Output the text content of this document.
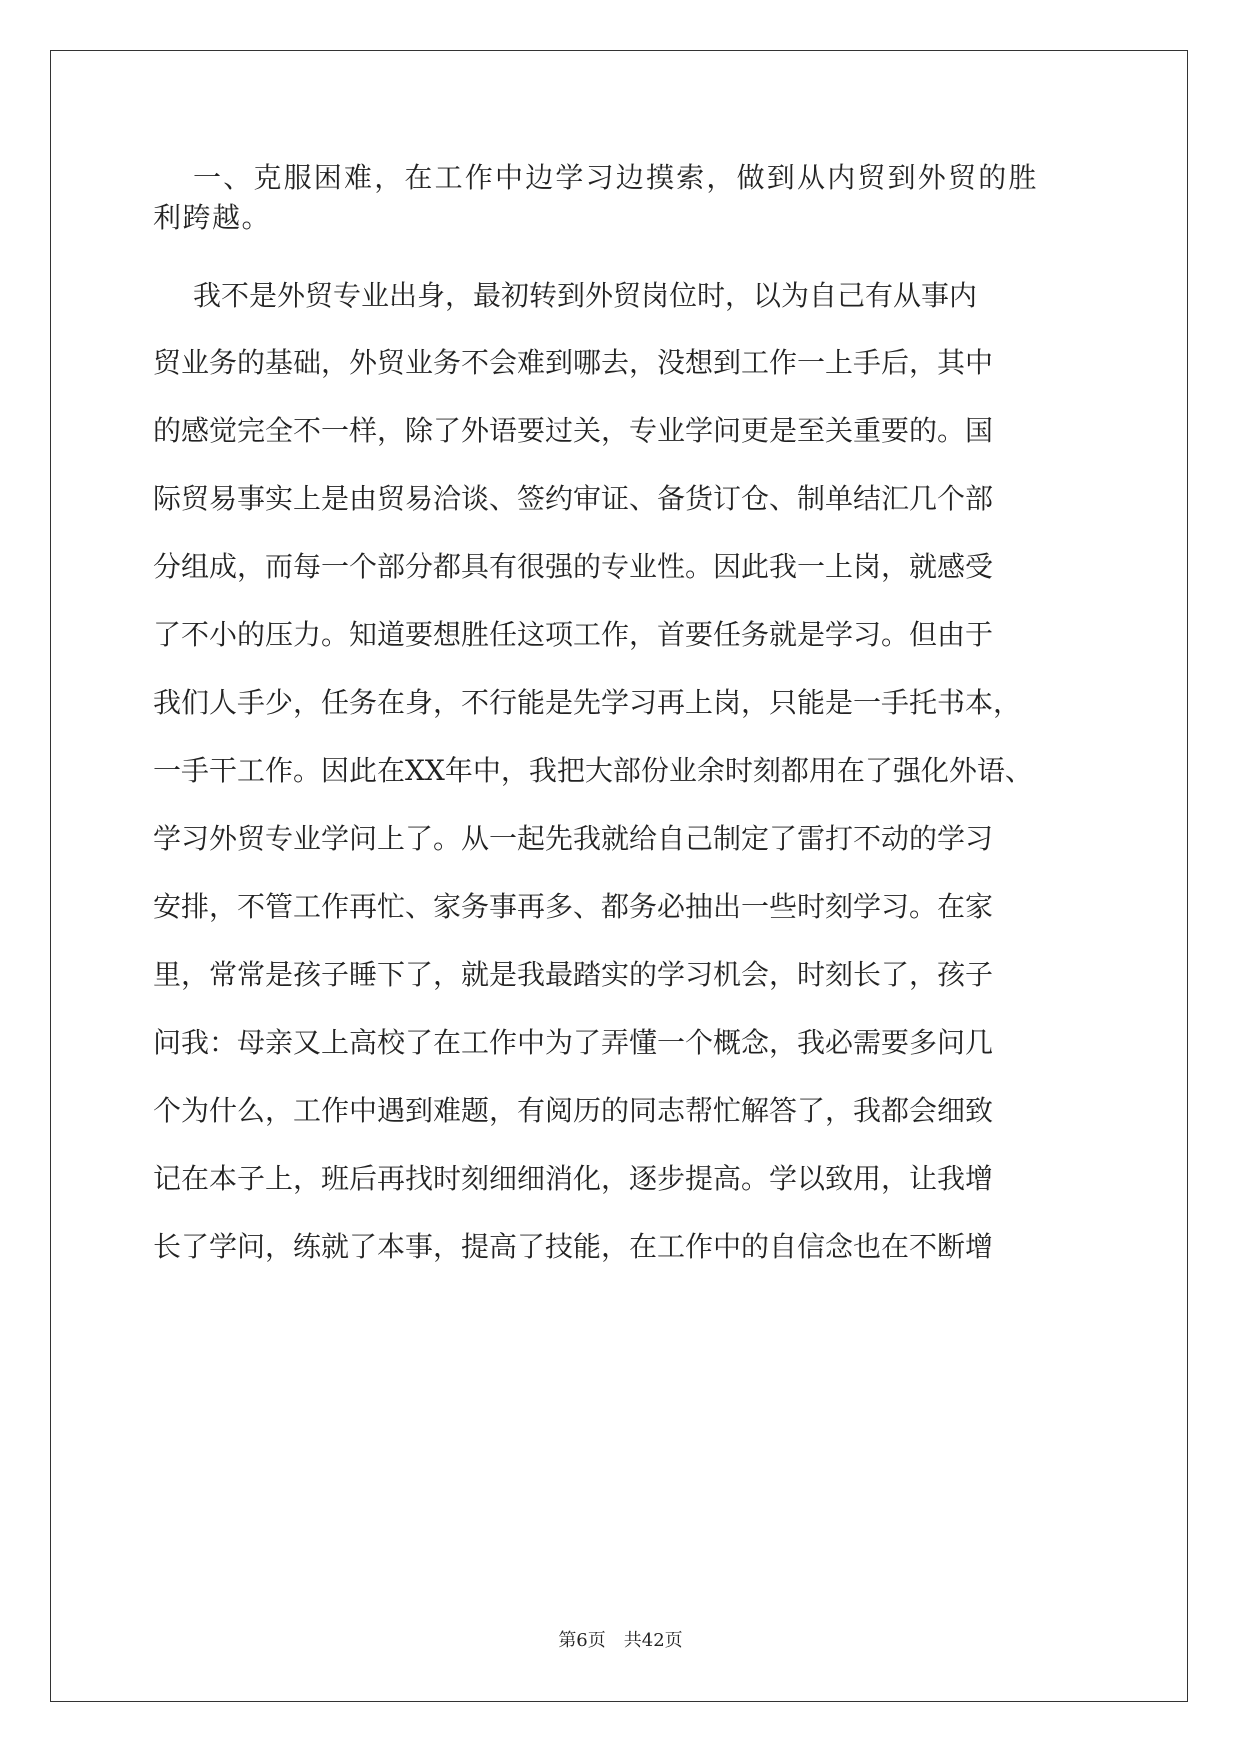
一、克服困难，在工作中边学习边摸索，做到从内贸到外贸的胜
利跨越。
我不是外贸专业出身，最初转到外贸岗位时，以为自己有从事内
贸业务的基础，外贸业务不会难到哪去，没想到工作一上手后，其中
的感觉完全不一样，除了外语要过关，专业学问更是至关重要的。国
际贸易事实上是由贸易洽谈、签约审证、备货订仓、制单结汇几个部
分组成，而每一个部分都具有很强的专业性。因此我一上岗，就感受
了不小的压力。知道要想胜任这项工作，首要任务就是学习。但由于
我们人手少，任务在身，不行能是先学习再上岗，只能是一手托书本，
一手干工作。因此在XX年中，我把大部份业余时刻都用在了强化外语、
学习外贸专业学问上了。从一起先我就给自己制定了雷打不动的学习
安排，不管工作再忙、家务事再多、都务必抽出一些时刻学习。在家
里，常常是孩子睡下了，就是我最踏实的学习机会，时刻长了，孩子
问我：母亲又上高校了在工作中为了弄懂一个概念，我必需要多问几
个为什么，工作中遇到难题，有阅历的同志帮忙解答了，我都会细致
记在本子上，班后再找时刻细细消化，逐步提高。学以致用，让我增
长了学问，练就了本事，提高了技能，在工作中的自信念也在不断增
第6页 共42页
